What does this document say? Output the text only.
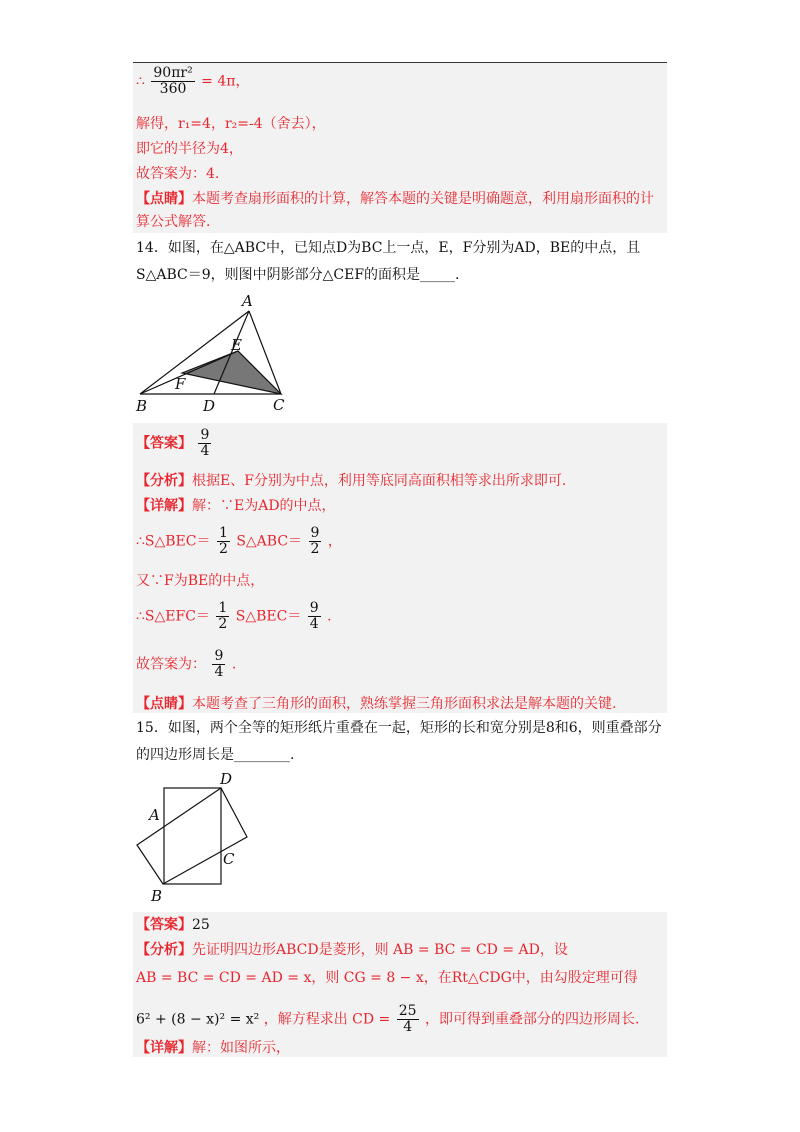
∴ $\frac{\text{90πr²}}{360} = 4\pi$，
解得，r₁=4，r₂=-4（舍去），
即它的半径为4，
故答案为：4.
【点睛】本题考查扇形面积的计算，解答本题的关键是明确题意，利用扇形面积的计
算公式解答.
14．如图，在△ABC中，已知点D为BC上一点，E，F分别为AD，BE的中点，且
S△ABC＝9，则图中阴影部分△CEF的面积是_____.
A
E
F
B	D	C
【答案】 $\frac{9}{4}$
【分析】根据E、F分别为中点，利用等底同高面积相等求出所求即可.
【详解】解：∵E为AD的中点，
∴S△BEC＝ $\frac{1}{2}$ S△ABC＝ $\frac{9}{2}$ ，
又∵F为BE的中点，
∴S△EFC＝ $\frac{1}{2}$ S△BEC＝ $\frac{9}{4}$ .
故答案为： $\frac{9}{4}$ .
【点睛】本题考查了三角形的面积，熟练掌握三角形面积求法是解本题的关键.
15．如图，两个全等的矩形纸片重叠在一起，矩形的长和宽分别是8和6，则重叠部分
的四边形周长是________.
D
A
C
B
【答案】25
【分析】先证明四边形ABCD是菱形，则 AB = BC = CD = AD，设
AB = BC = CD = AD = x，则 CG = 8 − x，在Rt△CDG中，由勾股定理可得
6² + (8 − x)² = x² ，解方程求出 CD = $\frac{25}{4}$ ，即可得到重叠部分的四边形周长.
【详解】解：如图所示，
